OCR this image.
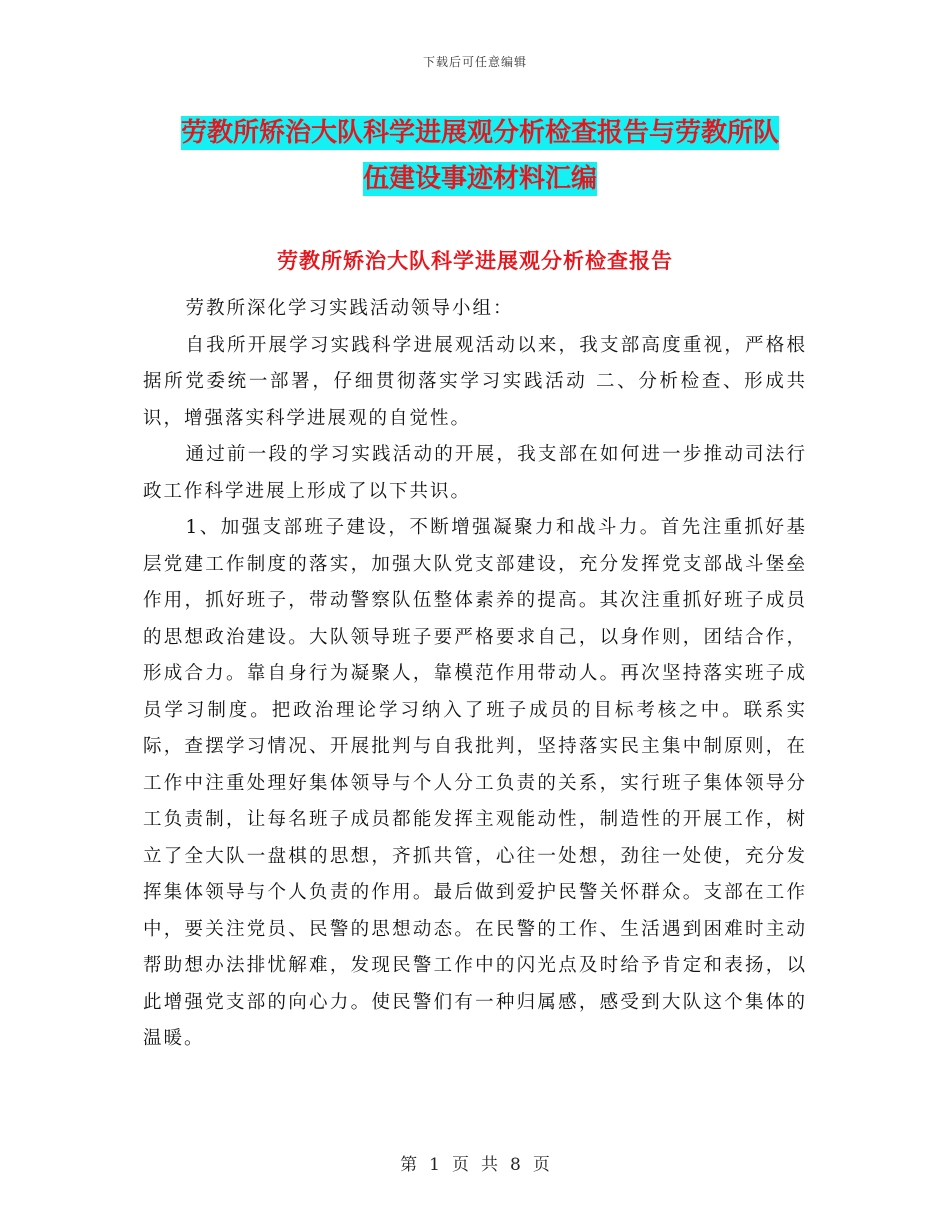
下载后可任意编辑
劳教所矫治大队科学进展观分析检查报告与劳教所队
伍建设事迹材料汇编
劳教所矫治大队科学进展观分析检查报告

劳教所深化学习实践活动领导小组：

自我所开展学习实践科学进展观活动以来，我支部高度重视，严格根据所党委统一部署，仔细贯彻落实学习实践活动 二、分析检查、形成共识，增强落实科学进展观的自觉性。

通过前一段的学习实践活动的开展，我支部在如何进一步推动司法行政工作科学进展上形成了以下共识。

1、加强支部班子建设，不断增强凝聚力和战斗力。首先注重抓好基层党建工作制度的落实，加强大队党支部建设，充分发挥党支部战斗堡垒作用，抓好班子，带动警察队伍整体素养的提高。其次注重抓好班子成员的思想政治建设。大队领导班子要严格要求自己，以身作则，团结合作，形成合力。靠自身行为凝聚人，靠模范作用带动人。再次坚持落实班子成员学习制度。把政治理论学习纳入了班子成员的目标考核之中。联系实际，查摆学习情况、开展批判与自我批判，坚持落实民主集中制原则，在工作中注重处理好集体领导与个人分工负责的关系，实行班子集体领导分工负责制，让每名班子成员都能发挥主观能动性，制造性的开展工作，树立了全大队一盘棋的思想，齐抓共管，心往一处想，劲往一处使，充分发挥集体领导与个人负责的作用。最后做到爱护民警关怀群众。支部在工作中，要关注党员、民警的思想动态。在民警的工作、生活遇到困难时主动帮助想办法排忧解难，发现民警工作中的闪光点及时给予肯定和表扬，以此增强党支部的向心力。使民警们有一种归属感，感受到大队这个集体的温暖。

第 1 页 共 8 页
